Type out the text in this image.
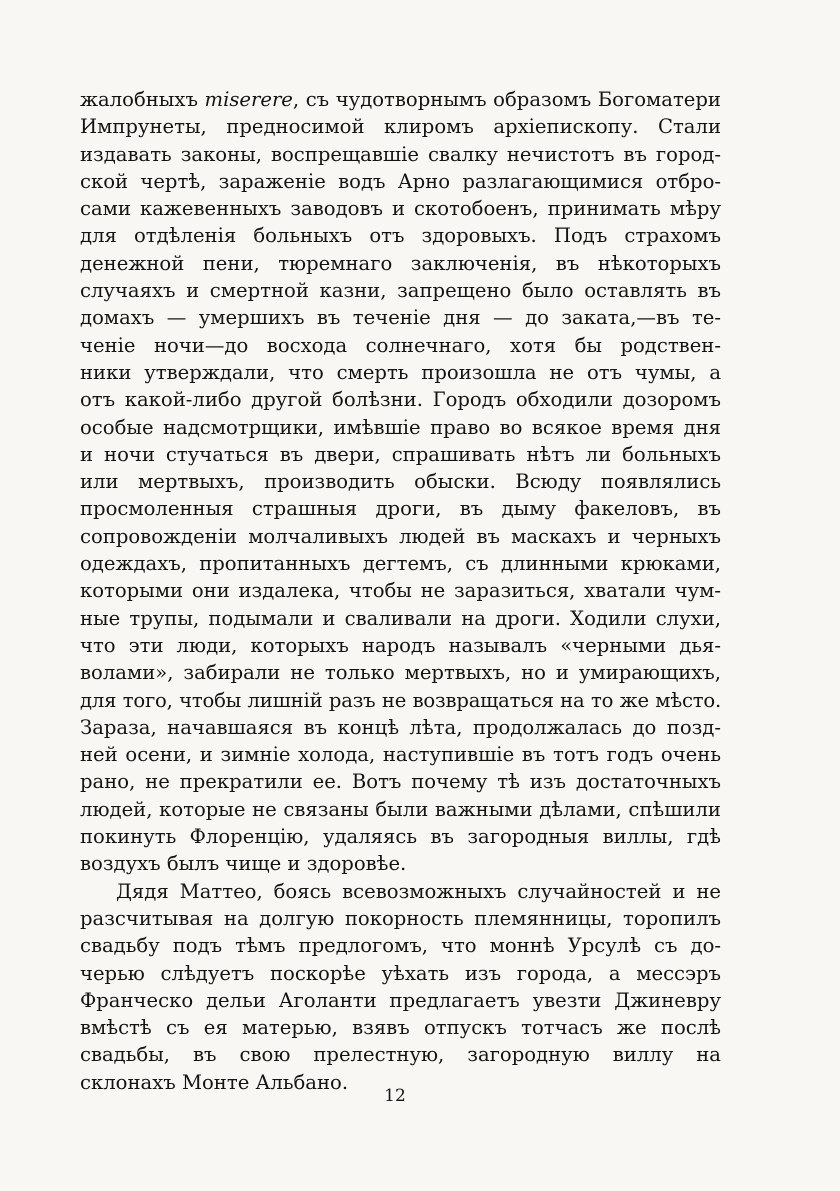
жалобныхъ miserere, съ чудотворнымъ образомъ Богоматери
Импрунеты, предносимой клиромъ архіепископу. Стали
издавать законы, воспрещавшіе свалку нечистотъ въ город-
ской чертѣ, зараженіе водъ Арно разлагающимися отбро-
сами кажевенныхъ заводовъ и скотобоенъ, принимать мѣру
для отдѣленія больныхъ отъ здоровыхъ. Подъ страхомъ
денежной пени, тюремнаго заключенія, въ нѣкоторыхъ
случаяхъ и смертной казни, запрещено было оставлять въ
домахъ — умершихъ въ теченіе дня — до заката,—въ те-
ченіе ночи—до восхода солнечнаго, хотя бы родствен-
ники утверждали, что смерть произошла не отъ чумы, а
отъ какой-либо другой болѣзни. Городъ обходили дозоромъ
особые надсмотрщики, имѣвшіе право во всякое время дня
и ночи стучаться въ двери, спрашивать нѣтъ ли больныхъ
или мертвыхъ, производить обыски. Всюду появлялись
просмоленныя страшныя дроги, въ дыму факеловъ, въ
сопровожденіи молчаливыхъ людей въ маскахъ и черныхъ
одеждахъ, пропитанныхъ дегтемъ, съ длинными крюками,
которыми они издалека, чтобы не заразиться, хватали чум-
ные трупы, подымали и сваливали на дроги. Ходили слухи,
что эти люди, которыхъ народъ называлъ «черными дья-
волами», забирали не только мертвыхъ, но и умирающихъ,
для того, чтобы лишній разъ не возвращаться на то же мѣсто.
Зараза, начавшаяся въ концѣ лѣта, продолжалась до позд-
ней осени, и зимніе холода, наступившіе въ тотъ годъ очень
рано, не прекратили ее. Вотъ почему тѣ изъ достаточныхъ
людей, которые не связаны были важными дѣлами, спѣшили
покинуть Флоренцію, удаляясь въ загородныя виллы, гдѣ
воздухъ былъ чище и здоровѣе.
Дядя Маттео, боясь всевозможныхъ случайностей и не
разсчитывая на долгую покорность племянницы, торопилъ
свадьбу подъ тѣмъ предлогомъ, что моннѣ Урсулѣ съ до-
черью слѣдуетъ поскорѣе уѣхать изъ города, а мессэръ
Франческо дельи Аголанти предлагаетъ увезти Джиневру
вмѣстѣ съ ея матерью, взявъ отпускъ тотчасъ же послѣ
свадьбы, въ свою прелестную, загородную виллу на
склонахъ Монте Альбано.
12
